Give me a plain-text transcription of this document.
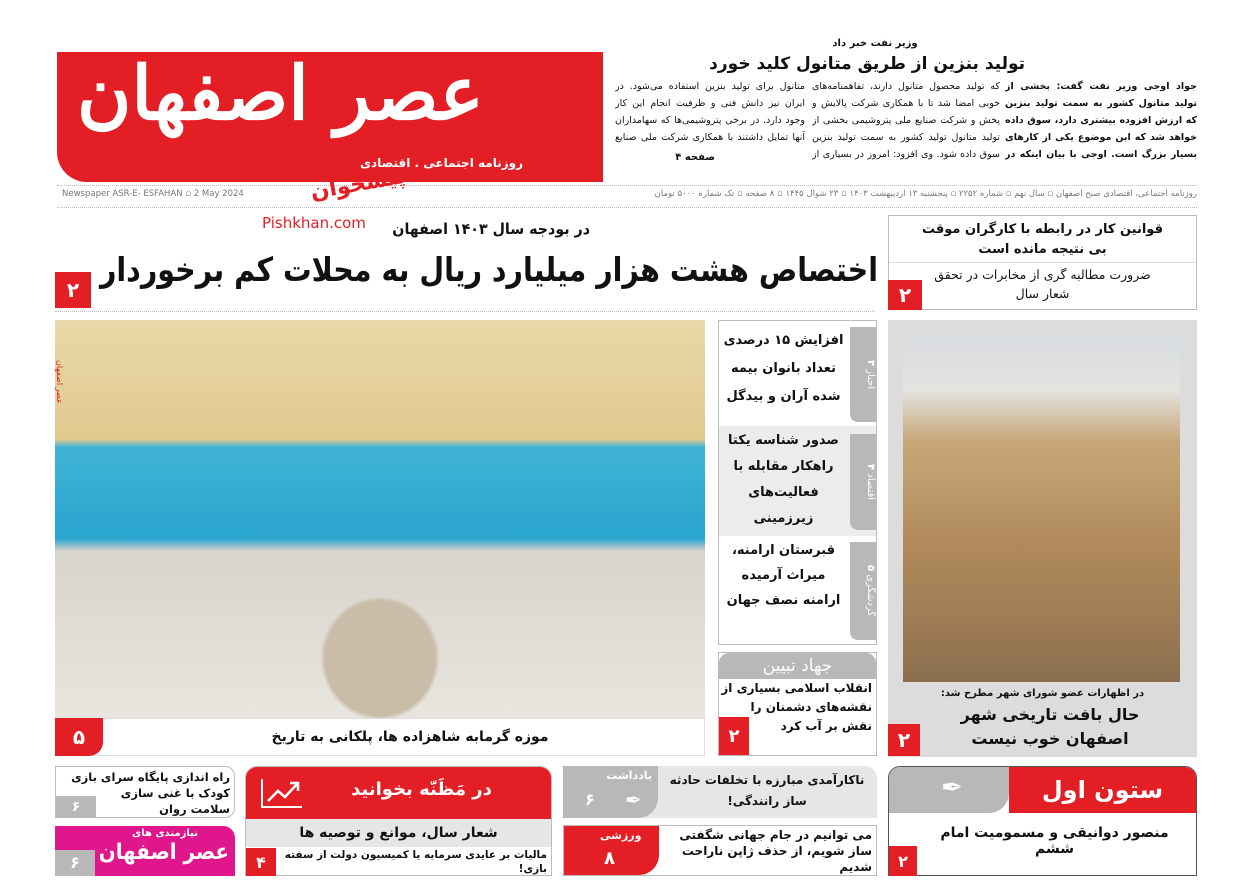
عصر اصفهان
روزنامه اجتماعی . اقتصادی
وزیر نفت خبر داد
تولید بنزین از طریق متانول کلید خورد
جواد اوجی وزیر نفت گفت: بخشی از تولید متانول کشور به سمت تولید بنزین که ارزش افزوده بیشتری دارد، سوق داده خواهد شد که این موضوع یکی از کارهای بسیار بزرگ است. اوجی با بیان اینکه در
که تولید محصول متانول دارند، تفاهمنامه‌های خوبی امضا شد تا با همکاری شرکت پالایش و پخش و شرکت صنایع ملی پتروشیمی بخشی از تولید متانول تولید کشور به سمت تولید بنزین سوق داده شود. وی افزود: امروز در بسیاری از
متانول برای تولید بنزین استفاده می‌شود. در ایران نیز دانش فنی و ظرفیت انجام این کار وجود دارد. در برخی پتروشیمی‌ها که سهامداران آنها تمایل داشتند با همکاری شرکت ملی صنایع
صفحه ۴
روزنامه اجتماعی، اقتصادی صبح اصفهان ▫ سال نهم ▫ شماره ۲۲۵۲ ▫ پنجشنبه ۱۳ اردیبهشت ۱۴۰۳ ▫ ۲۳ شوال ۱۴۴۵ ▫ ۸ صفحه ▫ تک شماره ۵۰۰۰ تومان
Newspaper ASR-E- ESFAHAN ▫ 2 May 2024	پیشخوان
Pishkhan.com	قوانین کار در رابطه با کارگران موقت بی نتیجه مانده است
ضرورت مطالبه گری از مخابرات در تحقق شعار سال
۲
در بودجه سال ۱۴۰۳ اصفهان
اختصاص هشت هزار میلیارد ریال به محلات کم برخوردار
۲
عصر اصفهان
موزه گرمابه شاهزاده ها، پلکانی به تاریخ
۵
اخبار ۳
افزایش ۱۵ درصدی تعداد بانوان بیمه شده آران و بیدگل
اقتصاد ۴
صدور شناسه یکتا راهکار مقابله با فعالیت‌های زیرزمینی
گردشگری ۵
قبرستان ارامنه، میراث آرمیده ارامنه نصف جهان
جهاد تبیین
۲
انقلاب اسلامی بسیاری از نقشه‌های دشمنان را نقش بر آب کرد
در اظهارات عضو شورای شهر مطرح شد:
حال بافت تاریخی شهر اصفهان خوب نیست
۲
۶
راه اندازی پایگاه سرای بازی کودک با غنی سازی سلامت روان
نیازمندی های
عصر اصفهان
۶
در مَظَنّه بخوانید
شعار سال، موانع و توصیه ها
مالیات بر عایدی سرمایه یا کمیسیون دولت از سفته بازی!
۴
یادداشت
۶ ✒
ناکارآمدی مبارزه با تخلفات حادثه ساز رانندگی!
ورزشی
۸
می توانیم در جام جهانی شگفتی ساز شویم، از حذف ژاپن ناراحت شدیم
✒	ستون اول
منصور دوانیقی و مسمومیت امام ششم
۲
